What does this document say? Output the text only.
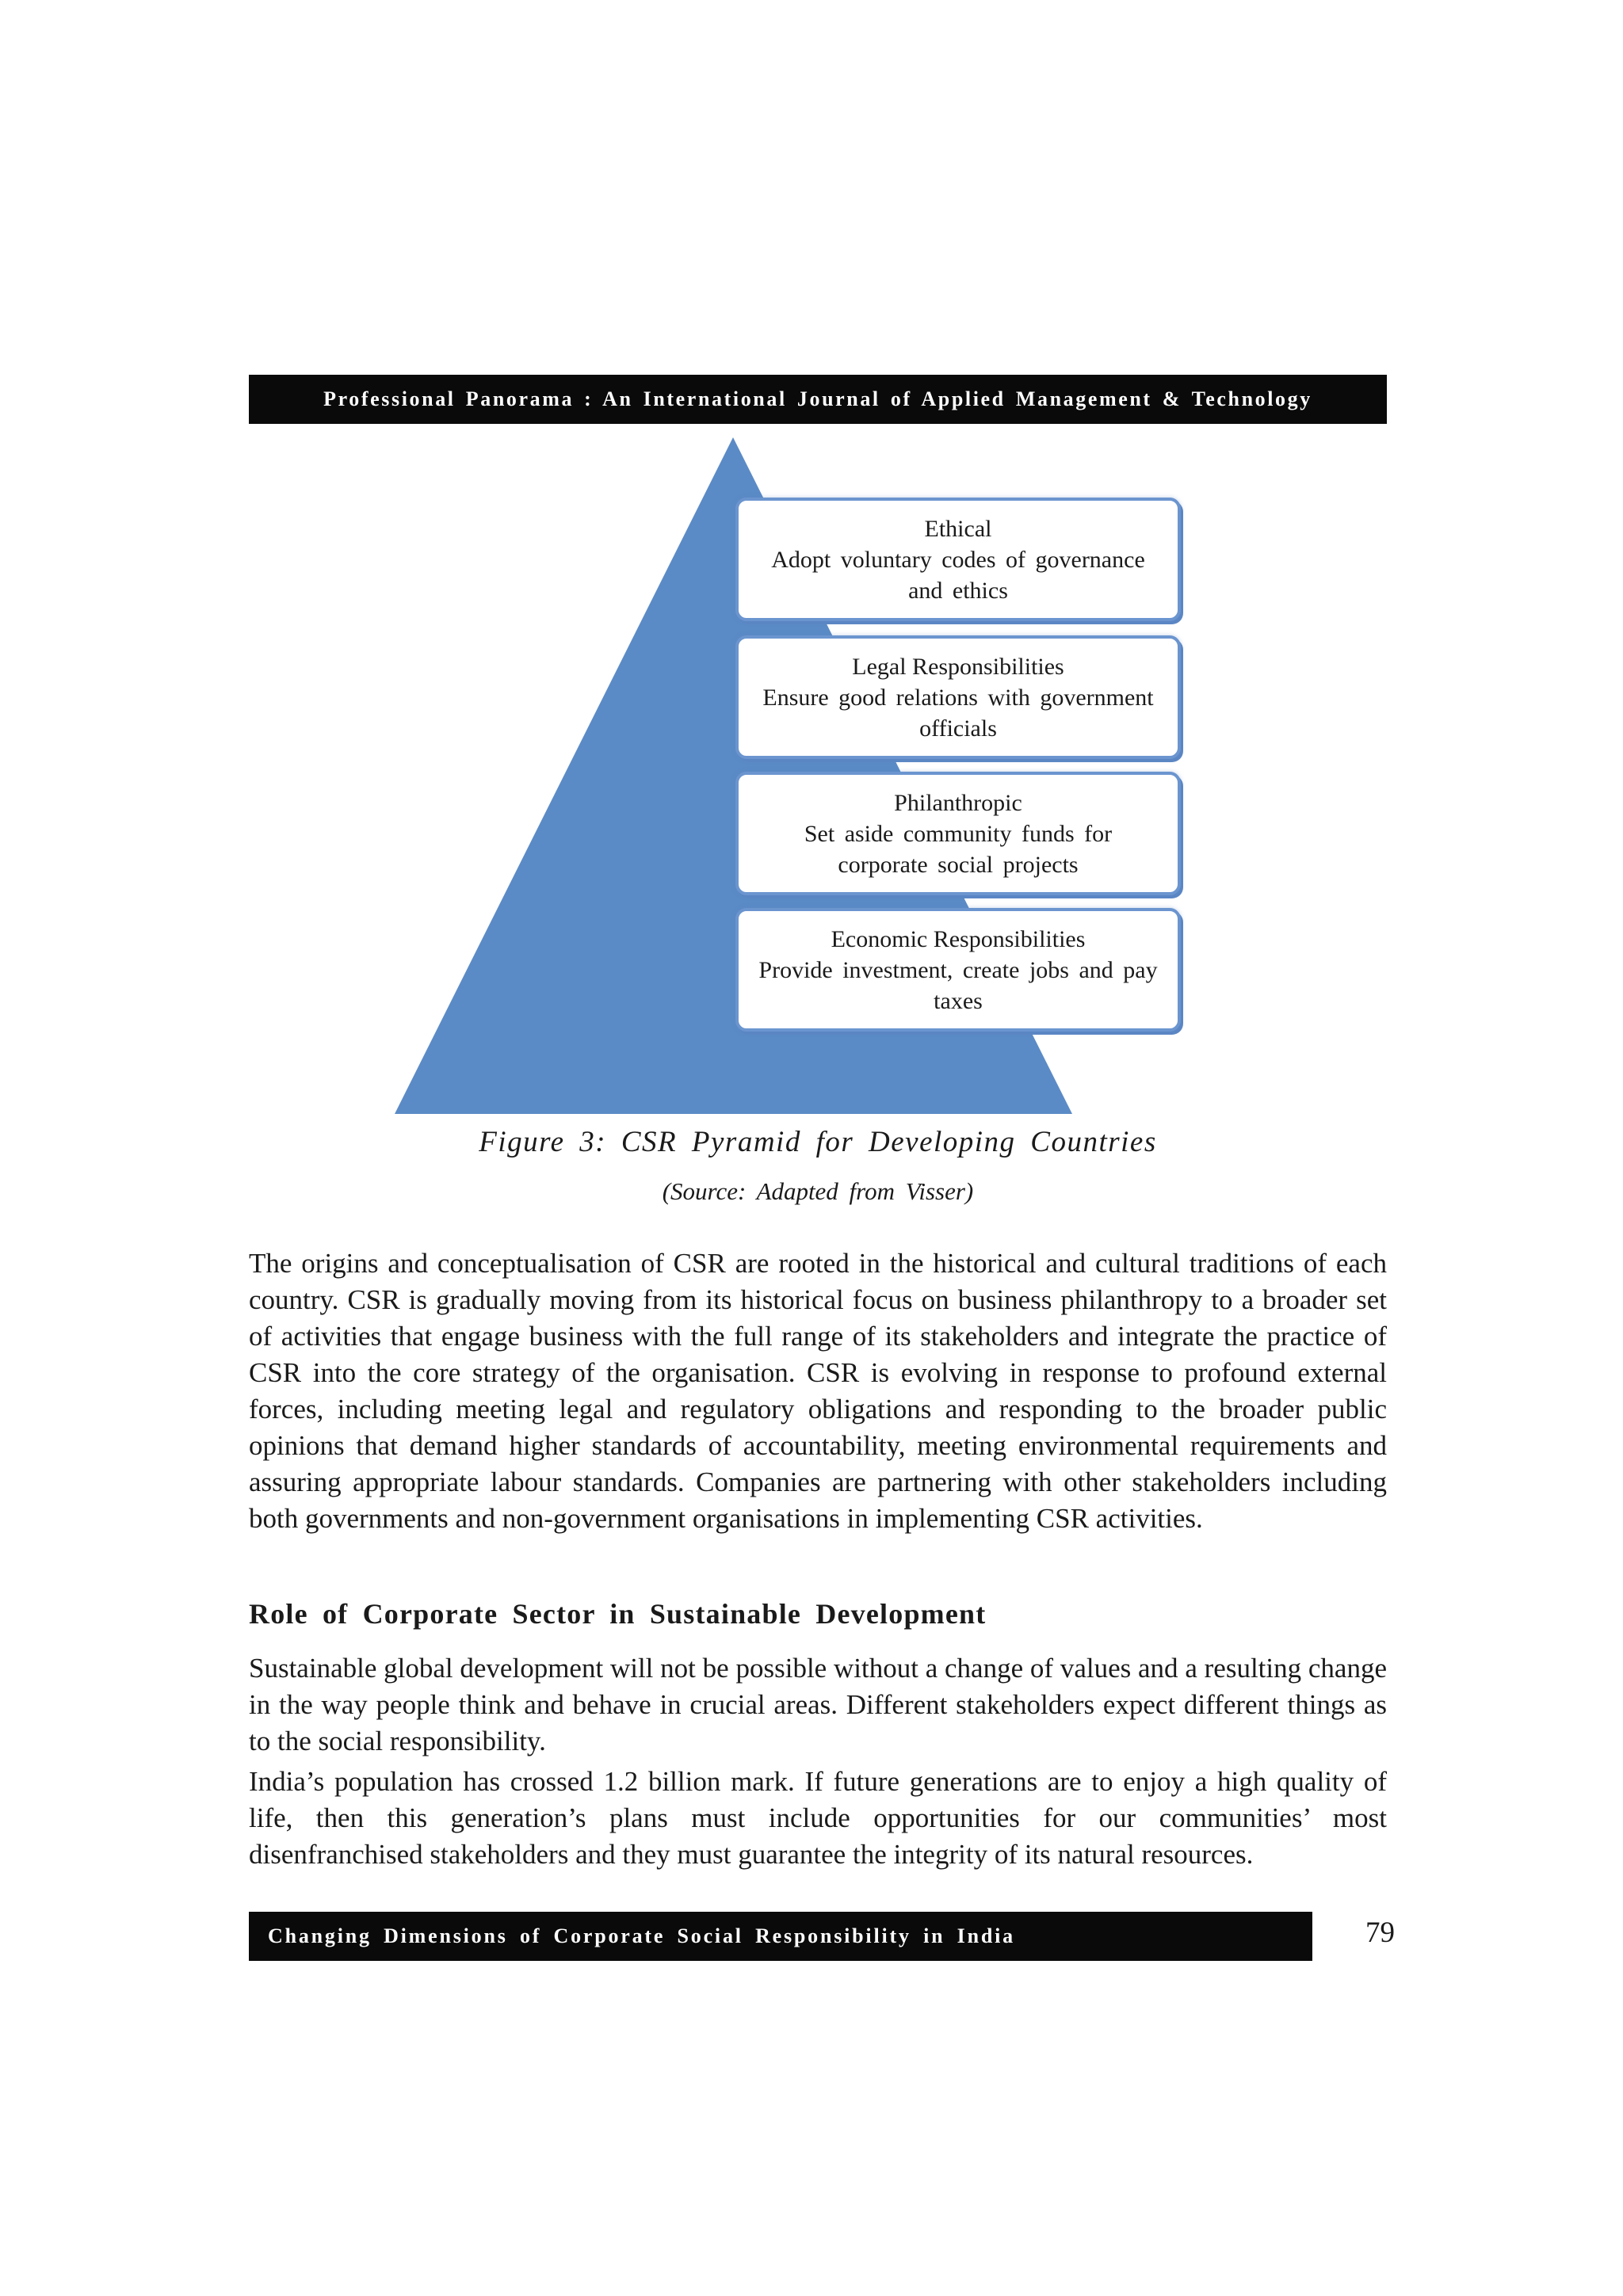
Professional Panorama : An International Journal of Applied Management & Technology
Ethical
Adopt voluntary codes of governance and ethics
Legal Responsibilities
Ensure good relations with government officials
Philanthropic
Set aside community funds for corporate social projects
Economic Responsibilities
Provide investment, create jobs and pay taxes
Figure 3: CSR Pyramid for Developing Countries
(Source: Adapted from Visser)

The origins and conceptualisation of CSR are rooted in the historical and cultural traditions of each country. CSR is gradually moving from its historical focus on business philanthropy to a broader set of activities that engage business with the full range of its stakeholders and integrate the practice of CSR into the core strategy of the organisation. CSR is evolving in response to profound external forces, including meeting legal and regulatory obligations and responding to the broader public opinions that demand higher standards of accountability, meeting environmental requirements and assuring appropriate labour standards. Companies are partnering with other stakeholders including both governments and non-government organisations in implementing CSR activities.

Role of Corporate Sector in Sustainable Development

Sustainable global development will not be possible without a change of values and a resulting change in the way people think and behave in crucial areas. Different stakeholders expect different things as to the social responsibility.

India’s population has crossed 1.2 billion mark. If future generations are to enjoy a high quality of life, then this generation’s plans must include opportunities for our communities’ most disenfranchised stakeholders and they must guarantee the integrity of its natural resources.

Changing Dimensions of Corporate Social Responsibility in India	79
